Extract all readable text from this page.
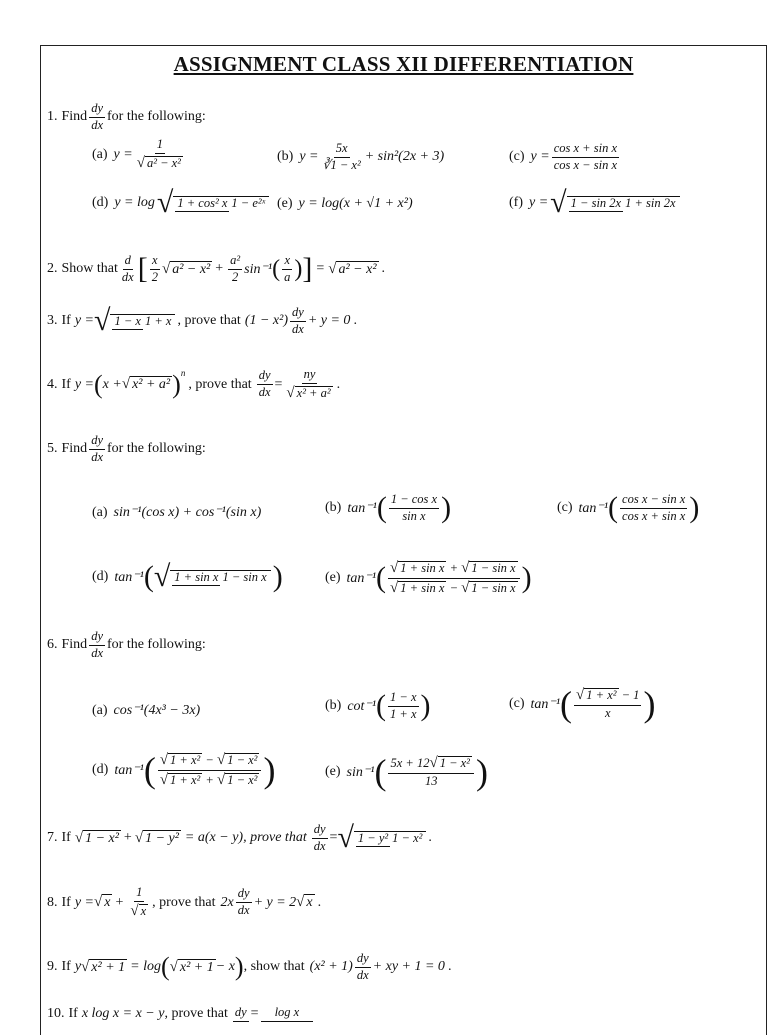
ASSIGNMENT CLASS XII DIFFERENTIATION
1. Find $\frac{dy}{dx}$ for the following:
(a) $y = \frac{1}{\text{√ a² − x²}}$	(b) $y = \frac{5x}{\text{∛1 − x²}} + \sin^2(2x + 3)$	(c) $y = \frac{\text{cos x + sin x}}{\text{cos x − sin x}}$
(d) y = log √ 1 + cos² x 1 − e²ˣ (e) y = log(x + √1 + x²)	(f) y = √ 1 − sin 2x 1 + sin 2x
2. Show that $\frac{d}{dx}$ [ $\frac{x}{2}$ √ $a^2 - x^2 + \frac{\text{a²}}{2} \sin^{-1}$ ( $\frac{x}{a}$ ) ] = √ a² − x² .
3. If y = √ 1 − x 1 + x , prove that $(1 - x^2) \frac{dy}{dx} + y = 0$ .
4. If y = ( x + √ x² + a² )$^n$
, prove that $\frac{dy}{dx} = \frac{ny}{\text{√ x² + a²}}$ .
5. Find $\frac{dy}{dx}$ for the following:
(a) sin⁻¹(cos x) + cos⁻¹(sin x)	(b) tan⁻¹ ( $\frac{\text{1 − cos x}}{\text{sin x}}$ )	(c) tan⁻¹ ( $\frac{\text{cos x − sin x}}{\text{cos x + sin x}}$ )
(d) tan⁻¹ ( √ 1 + sin x 1 − sin x )	(e) tan⁻¹ ( $\frac{\text{√ 1 + sin x + √ 1 − sin x}}{\text{√ 1 + sin x − √ 1 − sin x}}$ )
6. Find $\frac{dy}{dx}$ for the following:
(a) cos⁻¹(4x³ − 3x)	(b) cot⁻¹ ( $\frac{1 - x}{1 + x}$ )	(c) tan⁻¹ ( $\frac{\text{√ 1 + x² − 1}}{x}$ )
(d) tan⁻¹ ( $\frac{\text{√ 1 + x² − √ 1 − x²}}{\text{√ 1 + x² + √ 1 − x²}}$ )	(e) sin⁻¹ ( $\frac{\text{5x + 12√ 1 − x²}}{13}$ )
7. If √ 1 − x² + √ 1 − y² = a(x − y), prove that $\frac{dy}{dx}$ = √ 1 − y² 1 − x² .
8. If y = √ $x + \frac{1}{√ x}$ , prove that $2x \frac{dy}{dx} + y = 2$ √ x .
9. If y √ x² + 1 = log ( √ x² + 1 − x ) , show that $(x^2 + 1) \frac{dy}{dx}$ + xy + 1 = 0 .
10. If x log x = x − y , prove that dy =	log x
